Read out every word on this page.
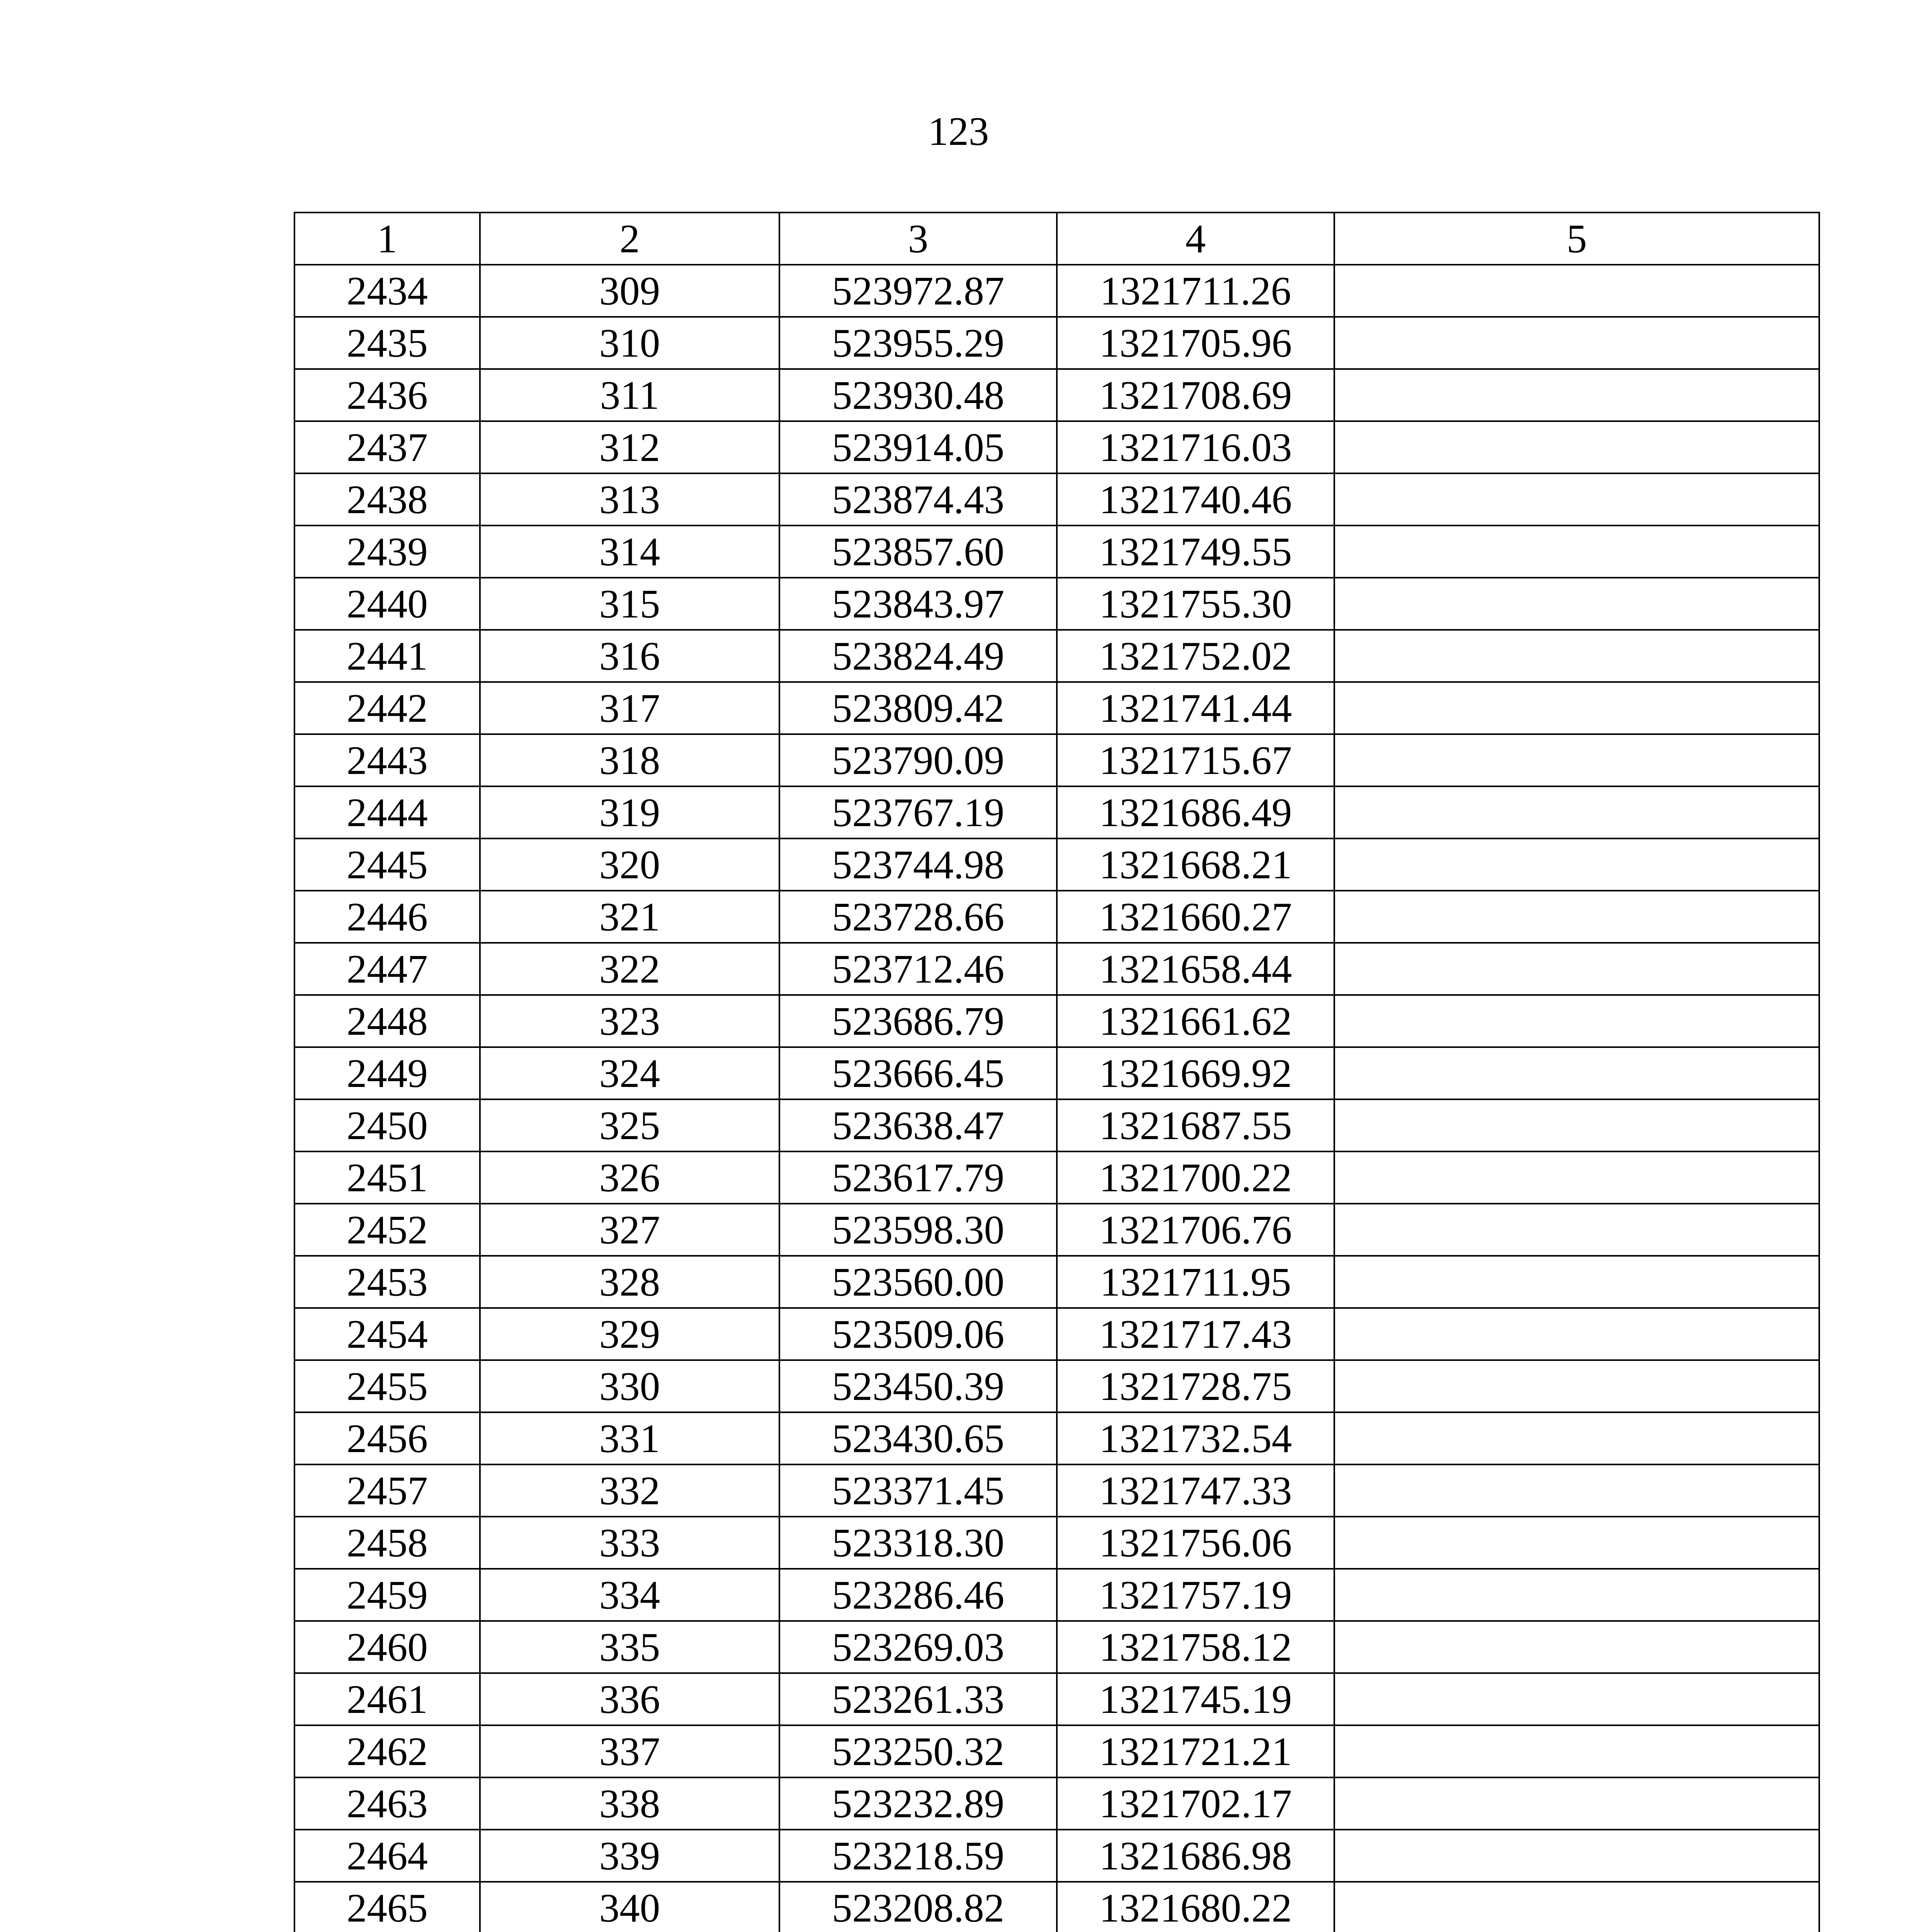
123
1	2	3	4	5
2434	309	523972.87	1321711.26	
2435	310	523955.29	1321705.96	
2436	311	523930.48	1321708.69	
2437	312	523914.05	1321716.03	
2438	313	523874.43	1321740.46	
2439	314	523857.60	1321749.55	
2440	315	523843.97	1321755.30	
2441	316	523824.49	1321752.02	
2442	317	523809.42	1321741.44	
2443	318	523790.09	1321715.67	
2444	319	523767.19	1321686.49	
2445	320	523744.98	1321668.21	
2446	321	523728.66	1321660.27	
2447	322	523712.46	1321658.44	
2448	323	523686.79	1321661.62	
2449	324	523666.45	1321669.92	
2450	325	523638.47	1321687.55	
2451	326	523617.79	1321700.22	
2452	327	523598.30	1321706.76	
2453	328	523560.00	1321711.95	
2454	329	523509.06	1321717.43	
2455	330	523450.39	1321728.75	
2456	331	523430.65	1321732.54	
2457	332	523371.45	1321747.33	
2458	333	523318.30	1321756.06	
2459	334	523286.46	1321757.19	
2460	335	523269.03	1321758.12	
2461	336	523261.33	1321745.19	
2462	337	523250.32	1321721.21	
2463	338	523232.89	1321702.17	
2464	339	523218.59	1321686.98	
2465	340	523208.82	1321680.22	
